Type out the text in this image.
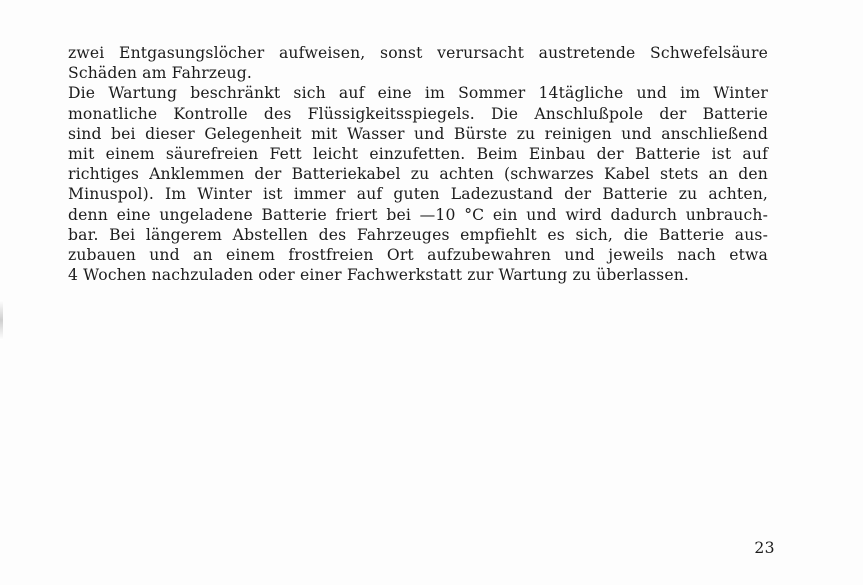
zwei Entgasungslöcher aufweisen, sonst verursacht austretende Schwefelsäure
Schäden am Fahrzeug.
Die Wartung beschränkt sich auf eine im Sommer 14tägliche und im Winter
monatliche Kontrolle des Flüssigkeitsspiegels. Die Anschlußpole der Batterie
sind bei dieser Gelegenheit mit Wasser und Bürste zu reinigen und anschließend
mit einem säurefreien Fett leicht einzufetten. Beim Einbau der Batterie ist auf
richtiges Anklemmen der Batteriekabel zu achten (schwarzes Kabel stets an den
Minuspol). Im Winter ist immer auf guten Ladezustand der Batterie zu achten,
denn eine ungeladene Batterie friert bei —10 °C ein und wird dadurch unbrauch-
bar. Bei längerem Abstellen des Fahrzeuges empfiehlt es sich, die Batterie aus-
zubauen und an einem frostfreien Ort aufzubewahren und jeweils nach etwa
4 Wochen nachzuladen oder einer Fachwerkstatt zur Wartung zu überlassen.
23
